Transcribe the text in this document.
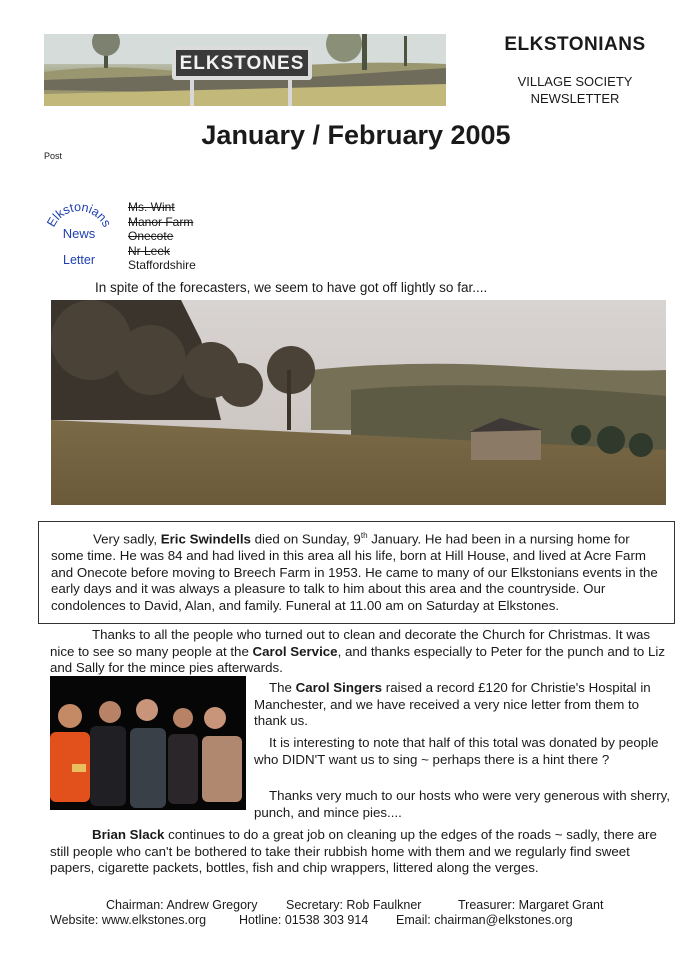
ELKSTONES
ELKSTONIANS
VILLAGE SOCIETY
NEWSLETTER
January / February 2005
Post
Elkstonians
News
Letter
Ms. Wint
Manor Farm
Onecote
Nr Leek
Staffordshire
In spite of the forecasters, we seem to have got off lightly so far....
Very sadly, Eric Swindells died on Sunday, 9th January. He had been in a nursing home for some time. He was 84 and had lived in this area all his life, born at Hill House, and lived at Acre Farm and Onecote before moving to Breech Farm in 1953. He came to many of our Elkstonians events in the early days and it was always a pleasure to talk to him about this area and the countryside. Our condolences to David, Alan, and family. Funeral at 11.00 am on Saturday at Elkstones.
Thanks to all the people who turned out to clean and decorate the Church for Christmas. It was nice to see so many people at the Carol Service, and thanks especially to Peter for the punch and to Liz and Sally for the mince pies afterwards.
The Carol Singers raised a record £120 for Christie's Hospital in Manchester, and we have received a very nice letter from them to thank us.
It is interesting to note that half of this total was donated by people who DIDN'T want us to sing ~ perhaps there is a hint there ?
Thanks very much to our hosts who were very generous with sherry, punch, and mince pies....
Brian Slack continues to do a great job on cleaning up the edges of the roads ~ sadly, there are still people who can't be bothered to take their rubbish home with them and we regularly find sweet papers, cigarette packets, bottles, fish and chip wrappers, littered along the verges.
Chairman: Andrew Gregory Secretary: Rob Faulkner	Treasurer: Margaret Grant
Website: www.elkstones.org	Hotline: 01538 303 914 Email: chairman@elkstones.org
